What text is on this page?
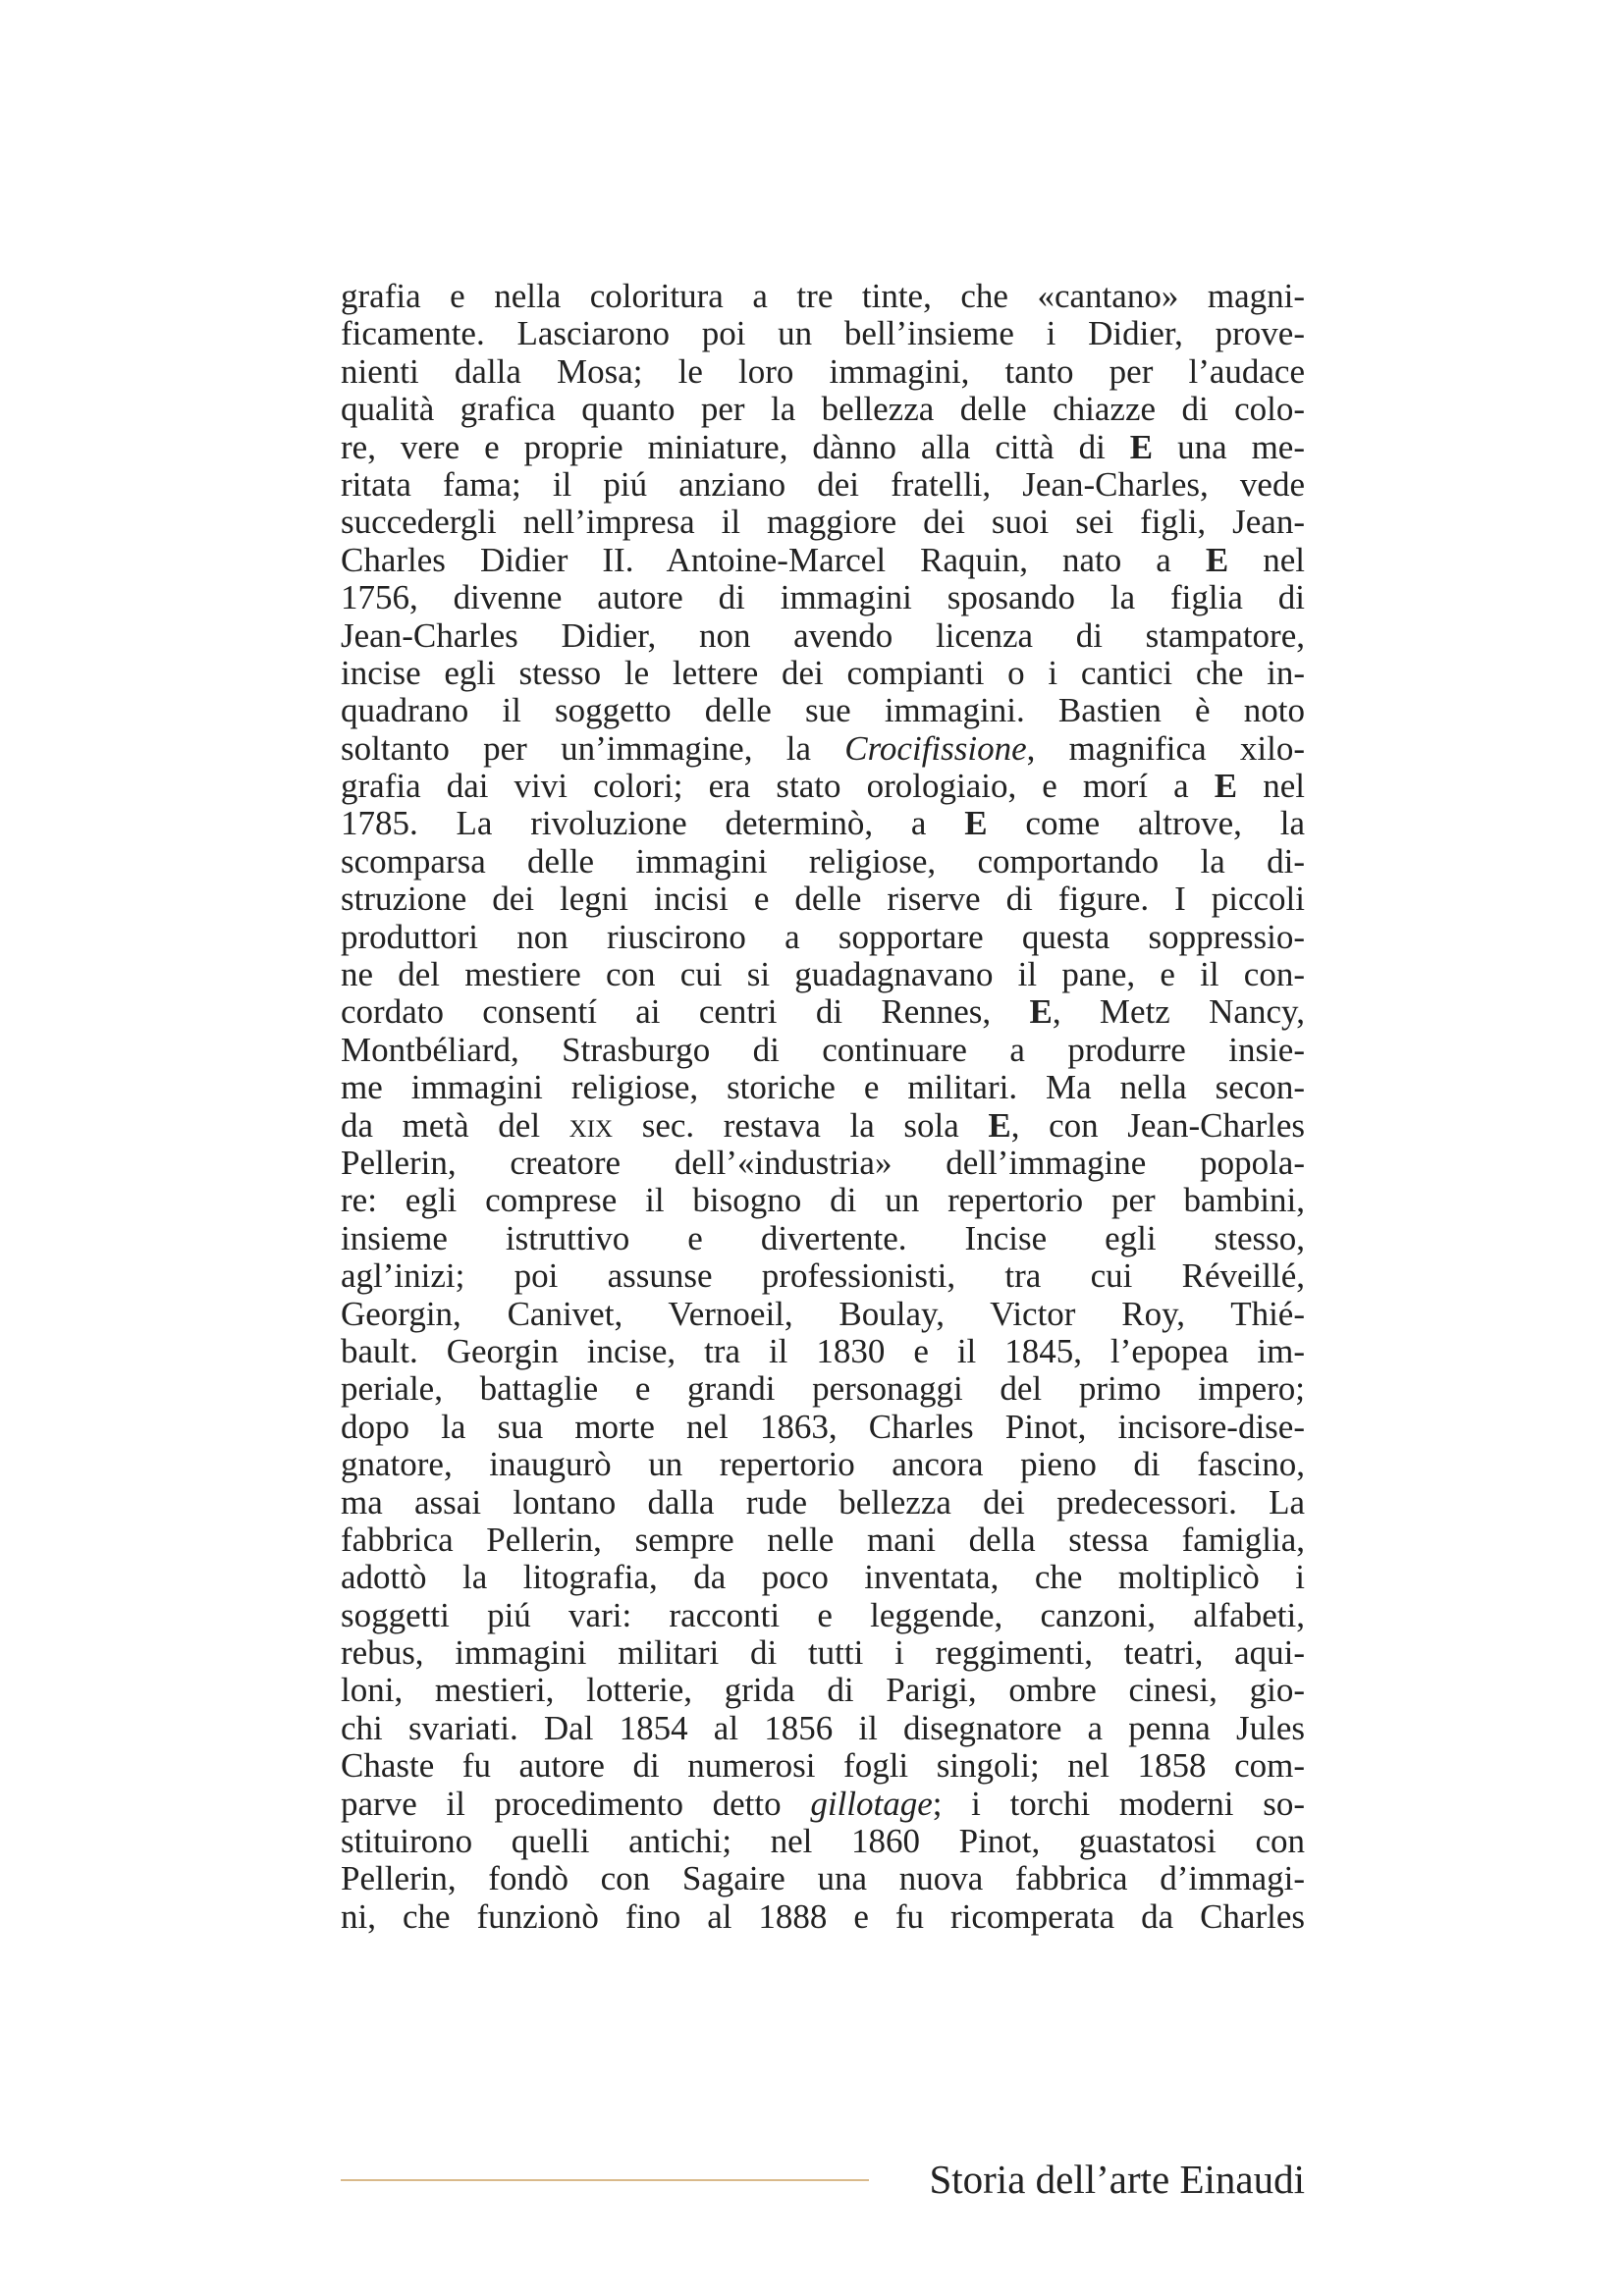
grafia e nella coloritura a tre tinte, che «cantano» magni-
ficamente. Lasciarono poi un bell’insieme i Didier, prove-
nienti dalla Mosa; le loro immagini, tanto per l’audace
qualità grafica quanto per la bellezza delle chiazze di colo-
re, vere e proprie miniature, dànno alla città di E una me-
ritata fama; il piú anziano dei fratelli, Jean-Charles, vede
succedergli nell’impresa il maggiore dei suoi sei figli, Jean-
Charles Didier II. Antoine-Marcel Raquin, nato a E nel
1756, divenne autore di immagini sposando la figlia di
Jean-Charles Didier, non avendo licenza di stampatore,
incise egli stesso le lettere dei compianti o i cantici che in-
quadrano il soggetto delle sue immagini. Bastien è noto
soltanto per un’immagine, la Crocifissione, magnifica xilo-
grafia dai vivi colori; era stato orologiaio, e morí a E nel
1785. La rivoluzione determinò, a E come altrove, la
scomparsa delle immagini religiose, comportando la di-
struzione dei legni incisi e delle riserve di figure. I piccoli
produttori non riuscirono a sopportare questa soppressio-
ne del mestiere con cui si guadagnavano il pane, e il con-
cordato consentí ai centri di Rennes, E, Metz Nancy,
Montbéliard, Strasburgo di continuare a produrre insie-
me immagini religiose, storiche e militari. Ma nella secon-
da metà del xix sec. restava la sola E, con Jean-Charles
Pellerin, creatore dell’«industria» dell’immagine popola-
re: egli comprese il bisogno di un repertorio per bambini,
insieme istruttivo e divertente. Incise egli stesso,
agl’inizi; poi assunse professionisti, tra cui Réveillé,
Georgin, Canivet, Vernoeil, Boulay, Victor Roy, Thié-
bault. Georgin incise, tra il 1830 e il 1845, l’epopea im-
periale, battaglie e grandi personaggi del primo impero;
dopo la sua morte nel 1863, Charles Pinot, incisore-dise-
gnatore, inaugurò un repertorio ancora pieno di fascino,
ma assai lontano dalla rude bellezza dei predecessori. La
fabbrica Pellerin, sempre nelle mani della stessa famiglia,
adottò la litografia, da poco inventata, che moltiplicò i
soggetti piú vari: racconti e leggende, canzoni, alfabeti,
rebus, immagini militari di tutti i reggimenti, teatri, aqui-
loni, mestieri, lotterie, grida di Parigi, ombre cinesi, gio-
chi svariati. Dal 1854 al 1856 il disegnatore a penna Jules
Chaste fu autore di numerosi fogli singoli; nel 1858 com-
parve il procedimento detto gillotage; i torchi moderni so-
stituirono quelli antichi; nel 1860 Pinot, guastatosi con
Pellerin, fondò con Sagaire una nuova fabbrica d’immagi-
ni, che funzionò fino al 1888 e fu ricomperata da Charles
Storia dell’arte Einaudi
